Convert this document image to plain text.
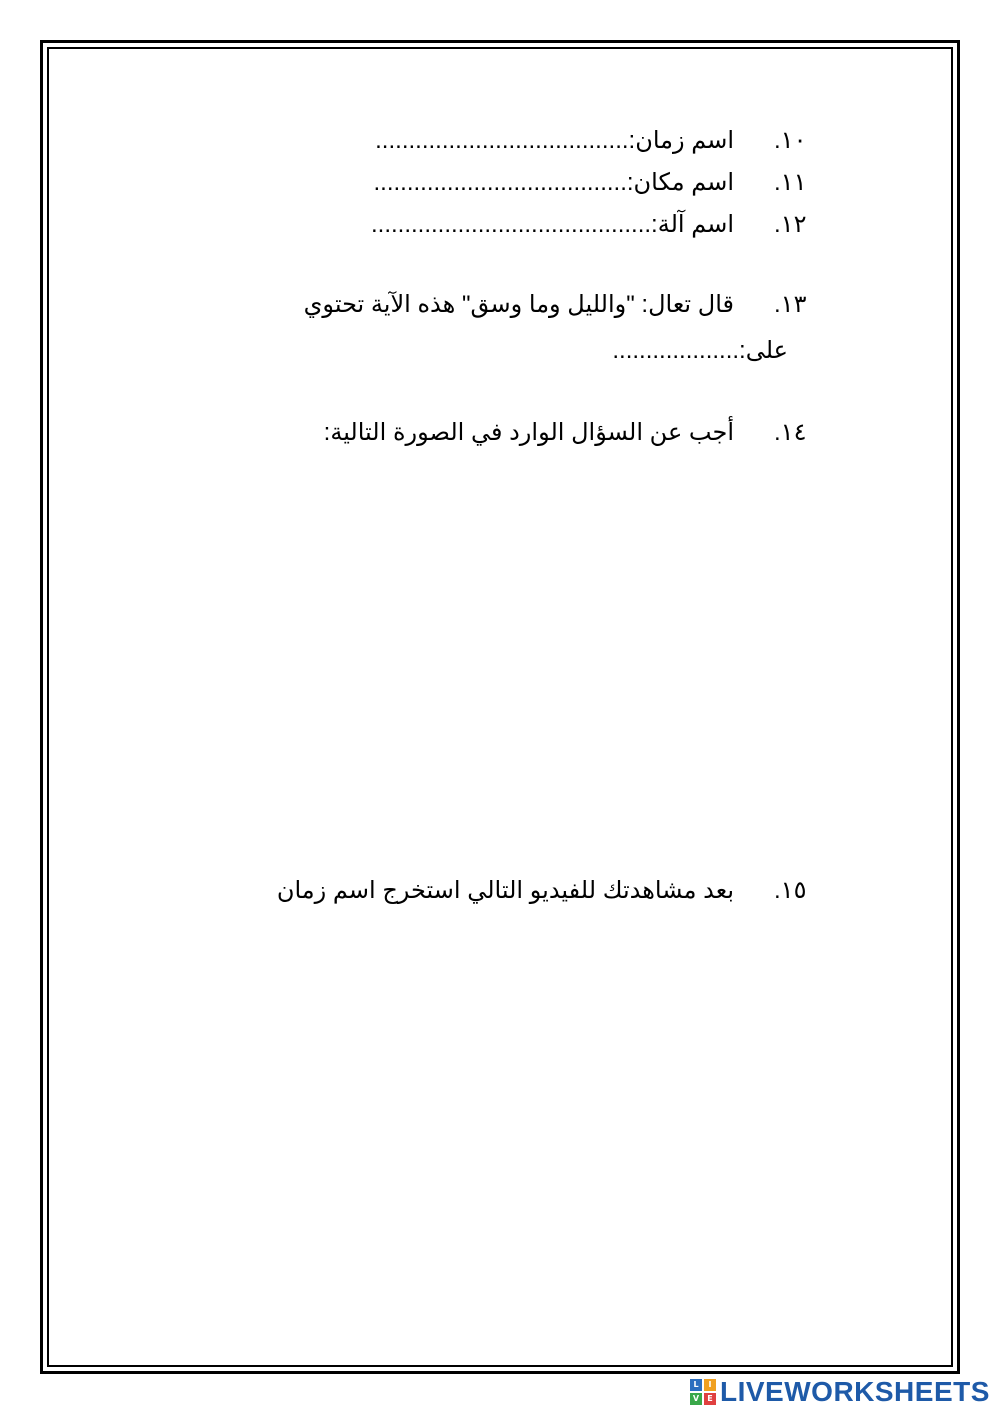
١٠.اسم زمان:......................................
١١.اسم مكان:......................................
١٢.اسم آلة:..........................................
١٣.قال تعال: "والليل وما وسق" هذه الآية تحتوي
على:...................
١٤.أجب عن السؤال الوارد في الصورة التالية:
١٥.بعد مشاهدتك للفيديو التالي استخرج اسم زمان
L	I
V	E LIVEWORKSHEETS
